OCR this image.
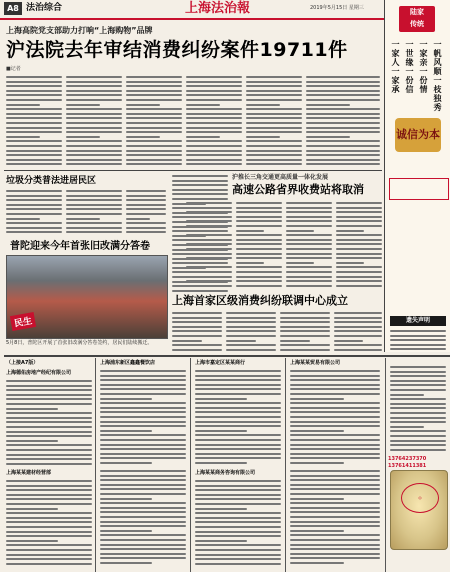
A8 法治综合	上海法治報	2019年5月15日 星期三
上海高院党支部助力打响“上海购物”品牌
沪法院去年审结消费纠纷案件19711件
■记者
垃圾分类普法进居民区
普陀迎来今年首张旧改满分答卷
民生
5月8日，普陀区开展了首张旧改满分答卷签约，居民们陆续搬迁。
沪推长三角交通更高质量一体化发展
高速公路省界收费站将取消
上海首家区级消费纠纷联调中心成立
陆家
传统
一帆风顺一枝独秀
一家亲一份情
一世缘一份信
一家人一家承
诚信为本
遗失声明
（上接A7版）
上海德佑房地产经纪有限公司
上海浦东新区鑫鑫餐饮店	上海市嘉定区某某商行	上海某某贸易有限公司
上海某某建材经营部	上海某某商务咨询有限公司
13764237370 13761411381
◎
